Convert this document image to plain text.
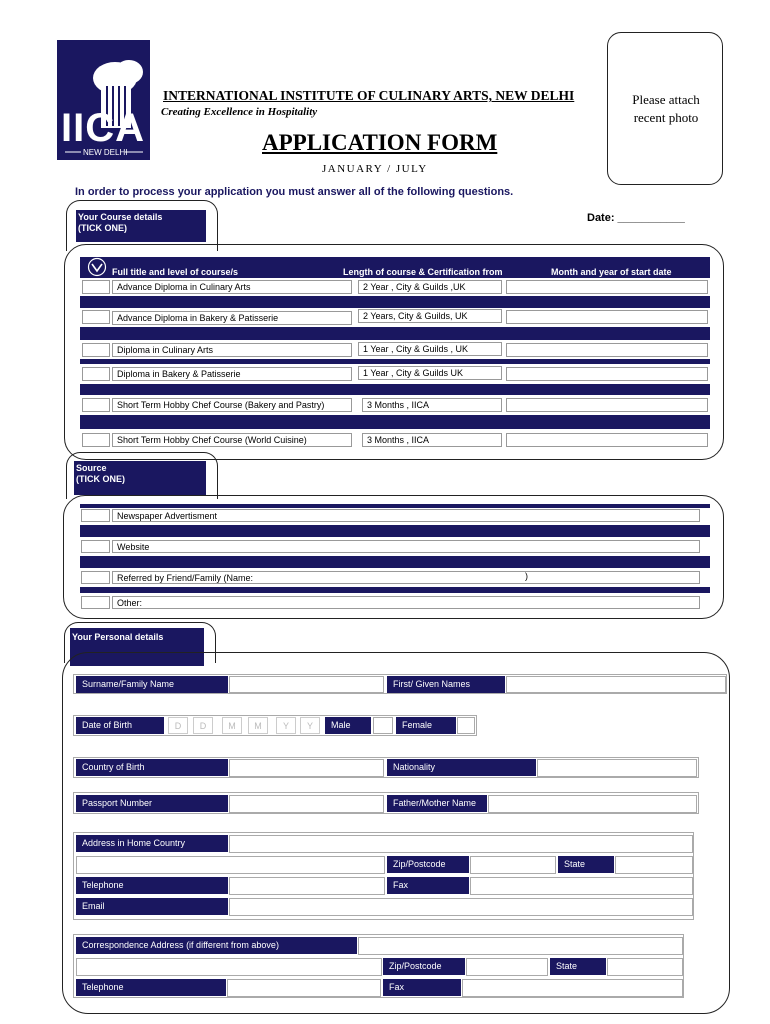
IICA
NEW DELHI
INTERNATIONAL INSTITUTE OF CULINARY ARTS, NEW DELHI
Creating Excellence in Hospitality
APPLICATION FORM
JANUARY / JULY
Please attach recent photo
In order to process your application you must answer all of the following questions.
Date: ___________
Your Course details
(TICK ONE)
Full title and level of course/s	Length of course & Certification from	Month and year of start date
Advance Diploma in Culinary Arts	2 Year , City & Guilds ,UK
Advance Diploma in Bakery & Patisserie	2 Years, City & Guilds, UK
Diploma in Culinary Arts	1 Year , City & Guilds , UK
Diploma in Bakery & Patisserie	1 Year , City & Guilds UK
Short Term Hobby Chef Course (Bakery and Pastry)	3 Months , IICA
Short Term Hobby Chef Course (World Cuisine)	3 Months , IICA
Source
(TICK ONE)
Newspaper Advertisment
Website
Referred by Friend/Family (Name:	)
Other:
Your Personal details
Surname/Family Name	First/ Given Names
Date of Birth	D	D	M	M	Y	Y	Male	Female
Country of Birth	Nationality
Passport Number	Father/Mother Name
Address in Home Country
Zip/Postcode	State
Telephone	Fax
Email
Correspondence Address (if different from above)
Zip/Postcode	State
Telephone	Fax
